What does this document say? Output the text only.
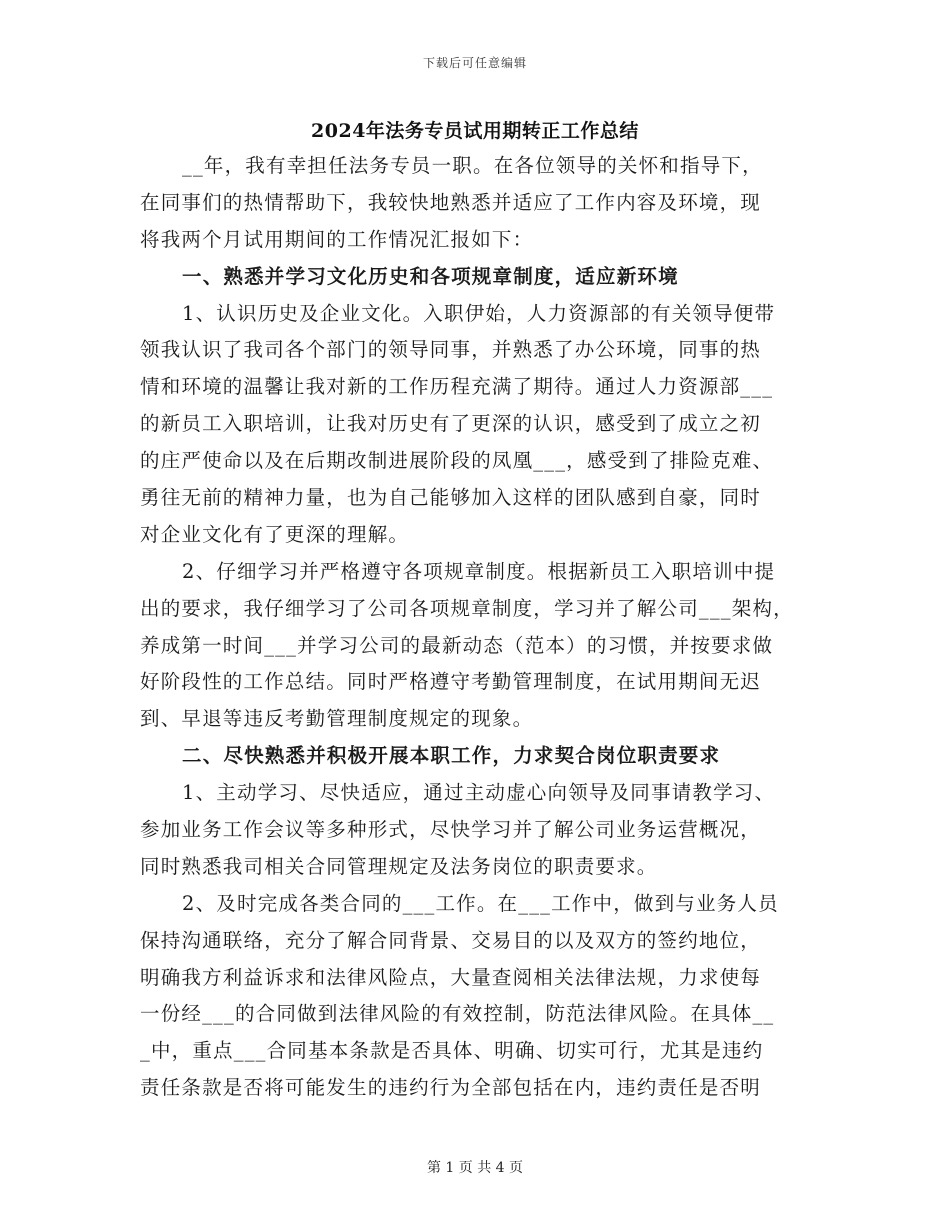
下载后可任意编辑
2024年法务专员试用期转正工作总结
__年，我有幸担任法务专员一职。在各位领导的关怀和指导下，
在同事们的热情帮助下，我较快地熟悉并适应了工作内容及环境，现
将我两个月试用期间的工作情况汇报如下：
一、熟悉并学习文化历史和各项规章制度，适应新环境
1、认识历史及企业文化。入职伊始，人力资源部的有关领导便带
领我认识了我司各个部门的领导同事，并熟悉了办公环境，同事的热
情和环境的温馨让我对新的工作历程充满了期待。通过人力资源部___
的新员工入职培训，让我对历史有了更深的认识，感受到了成立之初
的庄严使命以及在后期改制进展阶段的凤凰___，感受到了排险克难、
勇往无前的精神力量，也为自己能够加入这样的团队感到自豪，同时
对企业文化有了更深的理解。
2、仔细学习并严格遵守各项规章制度。根据新员工入职培训中提
出的要求，我仔细学习了公司各项规章制度，学习并了解公司___架构，
养成第一时间___并学习公司的最新动态（范本）的习惯，并按要求做
好阶段性的工作总结。同时严格遵守考勤管理制度，在试用期间无迟
到、早退等违反考勤管理制度规定的现象。
二、尽快熟悉并积极开展本职工作，力求契合岗位职责要求
1、主动学习、尽快适应，通过主动虚心向领导及同事请教学习、
参加业务工作会议等多种形式，尽快学习并了解公司业务运营概况，
同时熟悉我司相关合同管理规定及法务岗位的职责要求。
2、及时完成各类合同的___工作。在___工作中，做到与业务人员
保持沟通联络，充分了解合同背景、交易目的以及双方的签约地位，
明确我方利益诉求和法律风险点，大量查阅相关法律法规，力求使每
一份经___的合同做到法律风险的有效控制，防范法律风险。在具体__
_中，重点___合同基本条款是否具体、明确、切实可行，尤其是违约
责任条款是否将可能发生的违约行为全部包括在内，违约责任是否明
第 1 页 共 4 页
